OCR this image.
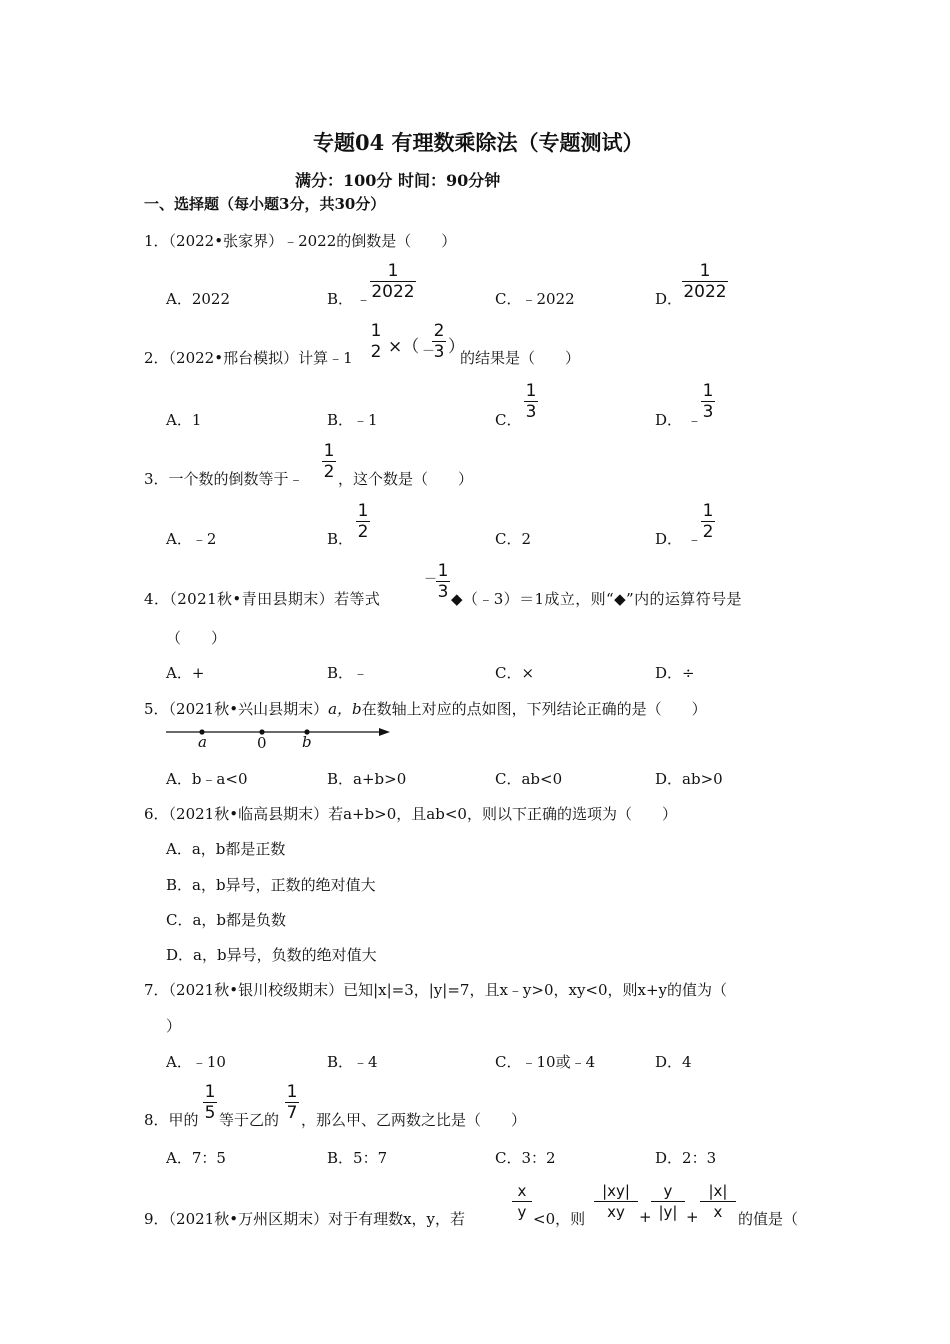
专题04 有理数乘除法（专题测试）
满分：100分 时间：90分钟
一、选择题（每小题3分，共30分）
1．（2022•张家界）﹣2022的倒数是（　　）
A．2022	B． ﹣
1
2022	C．﹣2022	D．
1
2022
2．（2022•邢台模拟）计算﹣1
1
2 ×（ －
2
3 ）
的结果是（　　）
A．1	B．﹣1	C．
1
3	D． ﹣
1
3
3．一个数的倒数等于﹣
1
2 ，这个数是（　　）
A．﹣2	B．
1
2	C．2	D． ﹣
1
2
4．（2021秋•青田县期末）若等式
－ 1
3 ◆（﹣3）＝1成立，则“◆”内的运算符号是
（　　）
A．+	B．﹣	C．×	D．÷
5．（2021秋•兴山县期末）a，b在数轴上对应的点如图，下列结论正确的是（　　）
a	0 b
A．b﹣a<0	B．a+b>0	C．ab<0	D．ab>0
6．（2021秋•临高县期末）若a+b>0，且ab<0，则以下正确的选项为（　　）
A．a，b都是正数
B．a，b异号，正数的绝对值大
C．a，b都是负数
D．a，b异号，负数的绝对值大
7．（2021秋•银川校级期末）已知|x|=3，|y|=7，且x﹣y>0，xy<0，则x+y的值为（
）
A．﹣10	B．﹣4	C．﹣10或﹣4	D．4
8．甲的
1
5 等于乙的
1
7 ，那么甲、乙两数之比是（　　）
A．7：5	B．5：7	C．3：2	D．2：3
9．（2021秋•万州区期末）对于有理数x，y，若
x
y <0，则
|xy|
xy +
y
|y| +
|x|
x	的值是（
